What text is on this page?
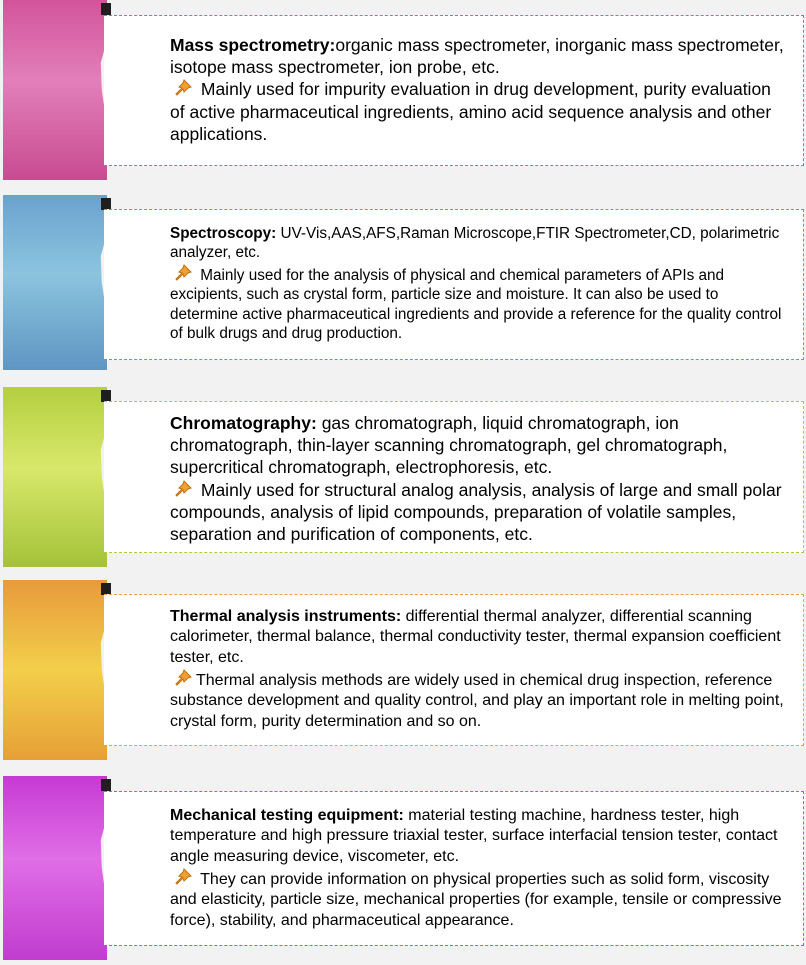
Mass spectrometry:organic mass spectrometer, inorganic mass spectrometer, isotope mass spectrometer, ion probe, etc.
Mainly used for impurity evaluation in drug development, purity evaluation of active pharmaceutical ingredients, amino acid sequence analysis and other applications.
Spectroscopy: UV-Vis,AAS,AFS,Raman Microscope,FTIR Spectrometer,CD, polarimetric analyzer, etc.
Mainly used for the analysis of physical and chemical parameters of APIs and excipients, such as crystal form, particle size and moisture. It can also be used to determine active pharmaceutical ingredients and provide a reference for the quality control of bulk drugs and drug production.
Chromatography: gas chromatograph, liquid chromatograph, ion chromatograph, thin-layer scanning chromatograph, gel chromatograph, supercritical chromatograph, electrophoresis, etc.
Mainly used for structural analog analysis, analysis of large and small polar compounds, analysis of lipid compounds, preparation of volatile samples, separation and purification of components, etc.
Thermal analysis instruments: differential thermal analyzer, differential scanning calorimeter, thermal balance, thermal conductivity tester, thermal expansion coefficient tester, etc.
Thermal analysis methods are widely used in chemical drug inspection, reference substance development and quality control, and play an important role in melting point, crystal form, purity determination and so on.
Mechanical testing equipment: material testing machine, hardness tester, high temperature and high pressure triaxial tester, surface interfacial tension tester, contact angle measuring device, viscometer, etc.
They can provide information on physical properties such as solid form, viscosity and elasticity, particle size, mechanical properties (for example, tensile or compressive force), stability, and pharmaceutical appearance.
